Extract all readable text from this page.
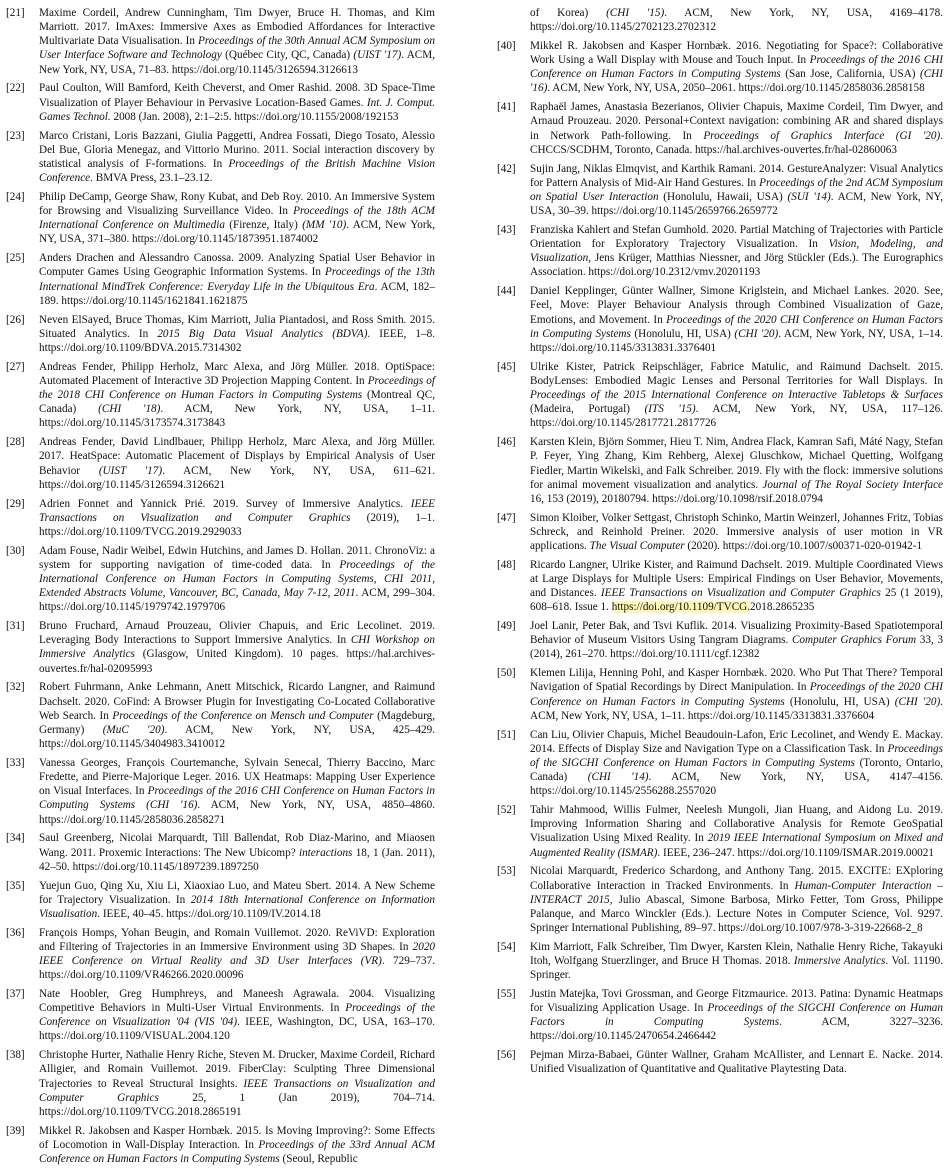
[ 21 ]	Maxime Cordeil, Andrew Cunningham, Tim Dwyer, Bruce H. Thomas, and Kim Marriott. 2017. ImAxes: Immersive Axes as Embodied Affordances for Interactive Multivariate Data Visualisation. In Proceedings of the 30th Annual ACM Symposium on User Interface Software and Technology (Québec City, QC, Canada) (UIST '17). ACM, New York, NY, USA, 71–83. https://doi.org/10.1145/3126594.3126613
[ 22 ]	Paul Coulton, Will Bamford, Keith Cheverst, and Omer Rashid. 2008. 3D Space-Time Visualization of Player Behaviour in Pervasive Location-Based Games. Int. J. Comput. Games Technol. 2008 (Jan. 2008), 2:1–2:5. https://doi.org/10.1155/2008/192153
[ 23 ]	Marco Cristani, Loris Bazzani, Giulia Paggetti, Andrea Fossati, Diego Tosato, Alessio Del Bue, Gloria Menegaz, and Vittorio Murino. 2011. Social interaction discovery by statistical analysis of F-formations. In Proceedings of the British Machine Vision Conference. BMVA Press, 23.1–23.12.
[ 24 ]	Philip DeCamp, George Shaw, Rony Kubat, and Deb Roy. 2010. An Immersive System for Browsing and Visualizing Surveillance Video. In Proceedings of the 18th ACM International Conference on Multimedia (Firenze, Italy) (MM '10). ACM, New York, NY, USA, 371–380. https://doi.org/10.1145/1873951.1874002
[ 25 ]	Anders Drachen and Alessandro Canossa. 2009. Analyzing Spatial User Behavior in Computer Games Using Geographic Information Systems. In Proceedings of the 13th International MindTrek Conference: Everyday Life in the Ubiquitous Era. ACM, 182–189. https://doi.org/10.1145/1621841.1621875
[ 26 ]	Neven ElSayed, Bruce Thomas, Kim Marriott, Julia Piantadosi, and Ross Smith. 2015. Situated Analytics. In 2015 Big Data Visual Analytics (BDVA). IEEE, 1–8. https://doi.org/10.1109/BDVA.2015.7314302
[ 27 ]	Andreas Fender, Philipp Herholz, Marc Alexa, and Jörg Müller. 2018. OptiSpace: Automated Placement of Interactive 3D Projection Mapping Content. In Proceedings of the 2018 CHI Conference on Human Factors in Computing Systems (Montreal QC, Canada) (CHI '18). ACM, New York, NY, USA, 1–11. https://doi.org/10.1145/3173574.3173843
[ 28 ]	Andreas Fender, David Lindlbauer, Philipp Herholz, Marc Alexa, and Jörg Müller. 2017. HeatSpace: Automatic Placement of Displays by Empirical Analysis of User Behavior (UIST '17). ACM, New York, NY, USA, 611–621. https://doi.org/10.1145/3126594.3126621
[ 29 ]	Adrien Fonnet and Yannick Prié. 2019. Survey of Immersive Analytics. IEEE Transactions on Visualization and Computer Graphics (2019), 1–1. https://doi.org/10.1109/TVCG.2019.2929033
[ 30 ]	Adam Fouse, Nadir Weibel, Edwin Hutchins, and James D. Hollan. 2011. ChronoViz: a system for supporting navigation of time-coded data. In Proceedings of the International Conference on Human Factors in Computing Systems, CHI 2011, Extended Abstracts Volume, Vancouver, BC, Canada, May 7-12, 2011. ACM, 299–304. https://doi.org/10.1145/1979742.1979706
[ 31 ]	Bruno Fruchard, Arnaud Prouzeau, Olivier Chapuis, and Eric Lecolinet. 2019. Leveraging Body Interactions to Support Immersive Analytics. In CHI Workshop on Immersive Analytics (Glasgow, United Kingdom). 10 pages. https://hal.archives-ouvertes.fr/hal-02095993
[ 32 ]	Robert Fuhrmann, Anke Lehmann, Anett Mitschick, Ricardo Langner, and Raimund Dachselt. 2020. CoFind: A Browser Plugin for Investigating Co-Located Collaborative Web Search. In Proceedings of the Conference on Mensch und Computer (Magdeburg, Germany) (MuC '20). ACM, New York, NY, USA, 425–429. https://doi.org/10.1145/3404983.3410012
[ 33 ]	Vanessa Georges, François Courtemanche, Sylvain Senecal, Thierry Baccino, Marc Fredette, and Pierre-Majorique Leger. 2016. UX Heatmaps: Mapping User Experience on Visual Interfaces. In Proceedings of the 2016 CHI Conference on Human Factors in Computing Systems (CHI '16). ACM, New York, NY, USA, 4850–4860. https://doi.org/10.1145/2858036.2858271
[ 34 ]	Saul Greenberg, Nicolai Marquardt, Till Ballendat, Rob Diaz-Marino, and Miaosen Wang. 2011. Proxemic Interactions: The New Ubicomp? interactions 18, 1 (Jan. 2011), 42–50. https://doi.org/10.1145/1897239.1897250
[ 35 ]	Yuejun Guo, Qing Xu, Xiu Li, Xiaoxiao Luo, and Mateu Sbert. 2014. A New Scheme for Trajectory Visualization. In 2014 18th International Conference on Information Visualisation. IEEE, 40–45. https://doi.org/10.1109/IV.2014.18
[ 36 ]	François Homps, Yohan Beugin, and Romain Vuillemot. 2020. ReViVD: Exploration and Filtering of Trajectories in an Immersive Environment using 3D Shapes. In 2020 IEEE Conference on Virtual Reality and 3D User Interfaces (VR). 729–737. https://doi.org/10.1109/VR46266.2020.00096
[ 37 ]	Nate Hoobler, Greg Humphreys, and Maneesh Agrawala. 2004. Visualizing Competitive Behaviors in Multi-User Virtual Environments. In Proceedings of the Conference on Visualization '04 (VIS '04). IEEE, Washington, DC, USA, 163–170. https://doi.org/10.1109/VISUAL.2004.120
[ 38 ]	Christophe Hurter, Nathalie Henry Riche, Steven M. Drucker, Maxime Cordeil, Richard Alligier, and Romain Vuillemot. 2019. FiberClay: Sculpting Three Dimensional Trajectories to Reveal Structural Insights. IEEE Transactions on Visualization and Computer Graphics 25, 1 (Jan 2019), 704–714. https://doi.org/10.1109/TVCG.2018.2865191
[ 39 ]	Mikkel R. Jakobsen and Kasper Hornbæk. 2015. Is Moving Improving?: Some Effects of Locomotion in Wall-Display Interaction. In Proceedings of the 33rd Annual ACM Conference on Human Factors in Computing Systems (Seoul, Republic
of Korea) (CHI '15). ACM, New York, NY, USA, 4169–4178. https://doi.org/10.1145/2702123.2702312
[ 40 ]	Mikkel R. Jakobsen and Kasper Hornbæk. 2016. Negotiating for Space?: Collaborative Work Using a Wall Display with Mouse and Touch Input. In Proceedings of the 2016 CHI Conference on Human Factors in Computing Systems (San Jose, California, USA) (CHI '16). ACM, New York, NY, USA, 2050–2061. https://doi.org/10.1145/2858036.2858158
[ 41 ]	Raphaël James, Anastasia Bezerianos, Olivier Chapuis, Maxime Cordeil, Tim Dwyer, and Arnaud Prouzeau. 2020. Personal+Context navigation: combining AR and shared displays in Network Path-following. In Proceedings of Graphics Interface (GI '20). CHCCS/SCDHM, Toronto, Canada. https://hal.archives-ouvertes.fr/hal-02860063
[ 42 ]	Sujin Jang, Niklas Elmqvist, and Karthik Ramani. 2014. GestureAnalyzer: Visual Analytics for Pattern Analysis of Mid-Air Hand Gestures. In Proceedings of the 2nd ACM Symposium on Spatial User Interaction (Honolulu, Hawaii, USA) (SUI '14). ACM, New York, NY, USA, 30–39. https://doi.org/10.1145/2659766.2659772
[ 43 ]	Franziska Kahlert and Stefan Gumhold. 2020. Partial Matching of Trajectories with Particle Orientation for Exploratory Trajectory Visualization. In Vision, Modeling, and Visualization, Jens Krüger, Matthias Niessner, and Jörg Stückler (Eds.). The Eurographics Association. https://doi.org/10.2312/vmv.20201193
[ 44 ]	Daniel Kepplinger, Günter Wallner, Simone Kriglstein, and Michael Lankes. 2020. See, Feel, Move: Player Behaviour Analysis through Combined Visualization of Gaze, Emotions, and Movement. In Proceedings of the 2020 CHI Conference on Human Factors in Computing Systems (Honolulu, HI, USA) (CHI '20). ACM, New York, NY, USA, 1–14. https://doi.org/10.1145/3313831.3376401
[ 45 ]	Ulrike Kister, Patrick Reipschläger, Fabrice Matulic, and Raimund Dachselt. 2015. BodyLenses: Embodied Magic Lenses and Personal Territories for Wall Displays. In Proceedings of the 2015 International Conference on Interactive Tabletops & Surfaces (Madeira, Portugal) (ITS '15). ACM, New York, NY, USA, 117–126. https://doi.org/10.1145/2817721.2817726
[ 46 ]	Karsten Klein, Björn Sommer, Hieu T. Nim, Andrea Flack, Kamran Safi, Máté Nagy, Stefan P. Feyer, Ying Zhang, Kim Rehberg, Alexej Gluschkow, Michael Quetting, Wolfgang Fiedler, Martin Wikelski, and Falk Schreiber. 2019. Fly with the flock: immersive solutions for animal movement visualization and analytics. Journal of The Royal Society Interface 16, 153 (2019), 20180794. https://doi.org/10.1098/rsif.2018.0794
[ 47 ]	Simon Kloiber, Volker Settgast, Christoph Schinko, Martin Weinzerl, Johannes Fritz, Tobias Schreck, and Reinhold Preiner. 2020. Immersive analysis of user motion in VR applications. The Visual Computer (2020). https://doi.org/10.1007/s00371-020-01942-1
[ 48 ]	Ricardo Langner, Ulrike Kister, and Raimund Dachselt. 2019. Multiple Coordinated Views at Large Displays for Multiple Users: Empirical Findings on User Behavior, Movements, and Distances. IEEE Transactions on Visualization and Computer Graphics 25 (1 2019), 608–618. Issue 1. https://doi.org/10.1109/TVCG.2018.2865235
[ 49 ]	Joel Lanir, Peter Bak, and Tsvi Kuflik. 2014. Visualizing Proximity-Based Spatiotemporal Behavior of Museum Visitors Using Tangram Diagrams. Computer Graphics Forum 33, 3 (2014), 261–270. https://doi.org/10.1111/cgf.12382
[ 50 ]	Klemen Lilija, Henning Pohl, and Kasper Hornbæk. 2020. Who Put That There? Temporal Navigation of Spatial Recordings by Direct Manipulation. In Proceedings of the 2020 CHI Conference on Human Factors in Computing Systems (Honolulu, HI, USA) (CHI '20). ACM, New York, NY, USA, 1–11. https://doi.org/10.1145/3313831.3376604
[ 51 ]	Can Liu, Olivier Chapuis, Michel Beaudouin-Lafon, Eric Lecolinet, and Wendy E. Mackay. 2014. Effects of Display Size and Navigation Type on a Classification Task. In Proceedings of the SIGCHI Conference on Human Factors in Computing Systems (Toronto, Ontario, Canada) (CHI '14). ACM, New York, NY, USA, 4147–4156. https://doi.org/10.1145/2556288.2557020
[ 52 ]	Tahir Mahmood, Willis Fulmer, Neelesh Mungoli, Jian Huang, and Aidong Lu. 2019. Improving Information Sharing and Collaborative Analysis for Remote GeoSpatial Visualization Using Mixed Reality. In 2019 IEEE International Symposium on Mixed and Augmented Reality (ISMAR). IEEE, 236–247. https://doi.org/10.1109/ISMAR.2019.00021
[ 53 ]	Nicolai Marquardt, Frederico Schardong, and Anthony Tang. 2015. EXCITE: EXploring Collaborative Interaction in Tracked Environments. In Human-Computer Interaction – INTERACT 2015, Julio Abascal, Simone Barbosa, Mirko Fetter, Tom Gross, Philippe Palanque, and Marco Winckler (Eds.). Lecture Notes in Computer Science, Vol. 9297. Springer International Publishing, 89–97. https://doi.org/10.1007/978-3-319-22668-2_8
[ 54 ]	Kim Marriott, Falk Schreiber, Tim Dwyer, Karsten Klein, Nathalie Henry Riche, Takayuki Itoh, Wolfgang Stuerzlinger, and Bruce H Thomas. 2018. Immersive Analytics. Vol. 11190. Springer.
[ 55 ]	Justin Matejka, Tovi Grossman, and George Fitzmaurice. 2013. Patina: Dynamic Heatmaps for Visualizing Application Usage. In Proceedings of the SIGCHI Conference on Human Factors in Computing Systems. ACM, 3227–3236. https://doi.org/10.1145/2470654.2466442
[ 56 ]	Pejman Mirza-Babaei, Günter Wallner, Graham McAllister, and Lennart E. Nacke. 2014. Unified Visualization of Quantitative and Qualitative Playtesting Data.
